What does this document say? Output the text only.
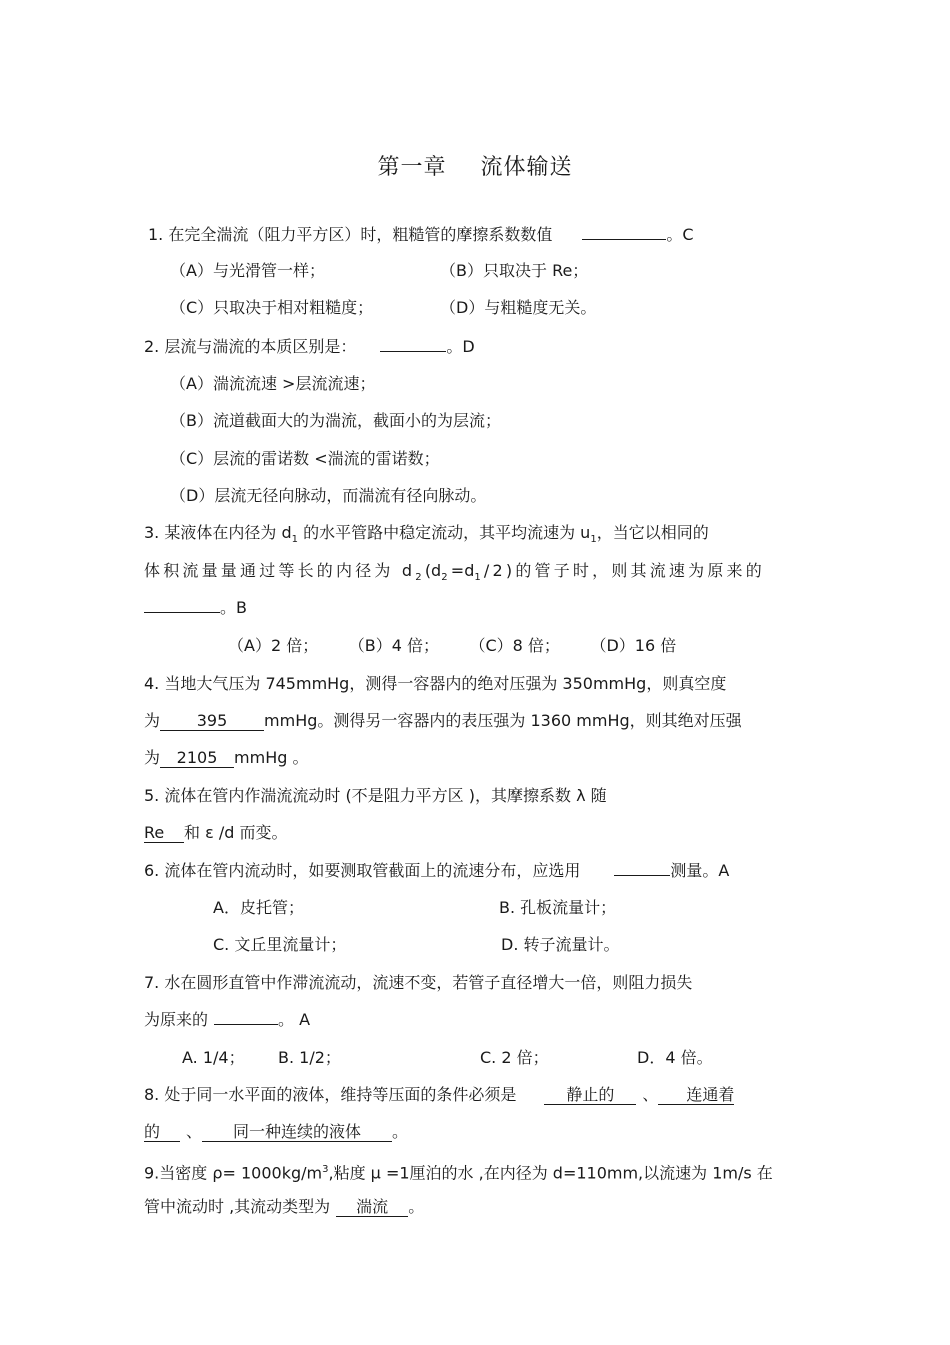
第一章 流体输送
1. 在完全湍流（阻力平方区）时，粗糙管的摩擦系数数值	。C
（A）与光滑管一样；	（B）只取决于 Re；
（C）只取决于相对粗糙度；	（D）与粗糙度无关。
2. 层流与湍流的本质区别是：	。D
（A）湍流流速 >层流流速；
（B）流道截面大的为湍流，截面小的为层流；
（C）层流的雷诺数 <湍流的雷诺数；
（D）层流无径向脉动，而湍流有径向脉动。
3. 某液体在内径为 $d_1$ 的水平管路中稳定流动，其平均流速为 $u_1$，当它以相同的
体积流量量通过等长的内径为 $d_2(d_2=d_1/2)$的管子时，则其流速为原来的
。B
（A）2 倍；      （B）4 倍；      （C）8 倍；      （D）16 倍
4. 当地大气压为 745mmHg，测得一容器内的绝对压强为 350mmHg，则真空度
为 395 mmHg。测得另一容器内的表压强为 1360 mmHg，则其绝对压强
为 2105 mmHg 。
5. 流体在管内作湍流流动时 (不是阻力平方区 )，其摩擦系数 λ 随
Re 和 ε /d 而变。
6. 流体在管内流动时，如要测取管截面上的流速分布，应选用	测量。A
A．皮托管；	B. 孔板流量计；
C. 文丘里流量计；	D. 转子流量计。
7. 水在圆形直管中作滞流流动，流速不变，若管子直径增大一倍，则阻力损失
为原来的	。 A
A. 1/4； B. 1/2；	C. 2 倍；	D．4 倍。
8. 处于同一水平面的液体，维持等压面的条件必须是	静止的 、 连通着
的 、 同一种连续的液体 。
9.当密度 $\rho= 1000kg/m^3$,粘度 μ =1厘泊的水 ,在内径为 d=110mm,以流速为 1m/s 在
管中流动时 ,其流动类型为 湍流 。
